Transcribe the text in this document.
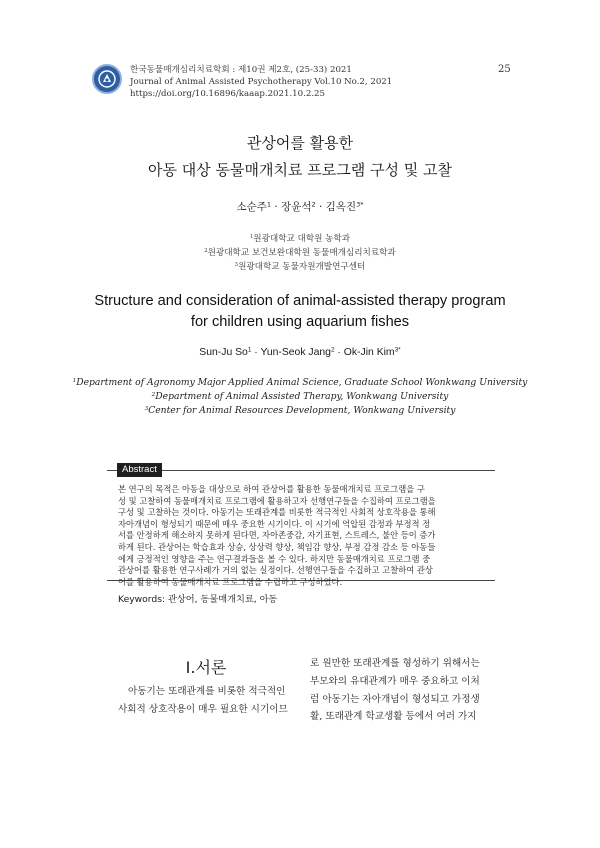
한국동물매개심리치료학회 : 제10권 제2호, (25-33) 2021
Journal of Animal Assisted Psychotherapy Vol.10 No.2, 2021
https://doi.org/10.16896/kaaap.2021.10.2.25
25
관상어를 활용한
아동 대상 동물매개치료 프로그램 구성 및 고찰
소순주$^1$ · 장윤석$^2$ · 김옥진$^{3*}$
$^1$원광대학교 대학원 농학과
$^2$원광대학교 보건보완대학원 동물매개심리치료학과
$^3$원광대학교 동물자원개발연구센터
Structure and consideration of animal-assisted therapy program
for children using aquarium fishes
Sun-Ju $So^1$ · Yun-Seok Jang$^2$ · Ok-Jin Kim$^{3*}$
$^1$Department of Agronomy Major Applied Animal Science, Graduate School Wonkwang University
$^2$Department of Animal Assisted Therapy, Wonkwang University
$^3$Center for Animal Resources Development, Wonkwang University
Abstract
본 연구의 목적은 아동을 대상으로 하여 관상어를 활용한 동물매개치료 프로그램을 구
성 및 고찰하여 동물매개치료 프로그램에 활용하고자 선행연구들을 수집하여 프로그램을
구성 및 고찰하는 것이다. 아동기는 또래관계를 비롯한 적극적인 사회적 상호작용을 통해
자아개념이 형성되기 때문에 매우 중요한 시기이다. 이 시기에 억압된 감정과 부정적 정
서를 안정하게 해소하지 못하게 된다면, 자아존중감, 자기표현, 스트레스, 불안 등이 증가
하게 된다. 관상어는 학습효과 상승, 상상력 향상, 책임감 향상, 부정 감정 감소 등 아동들
에게 긍정적인 영향을 주는 연구결과들을 볼 수 있다. 하지만 동물매개치료 프로그램 중
관상어를 활용한 연구사례가 거의 없는 실정이다. 선행연구들을 수집하고 고찰하여 관상
어를 활용하여 동물매개치료 프로그램을 수립하고 구성하였다.
Keywords: 관상어, 동물매개치료, 아동
Ⅰ.서론
아동기는 또래관계를 비롯한 적극적인
사회적 상호작용이 매우 필요한 시기이므
로 원만한 또래관계를 형성하기 위해서는
부모와의 유대관계가 매우 중요하고 이처
럼 아동기는 자아개념이 형성되고 가정생
활, 또래관계 학교생활 등에서 여러 가지
